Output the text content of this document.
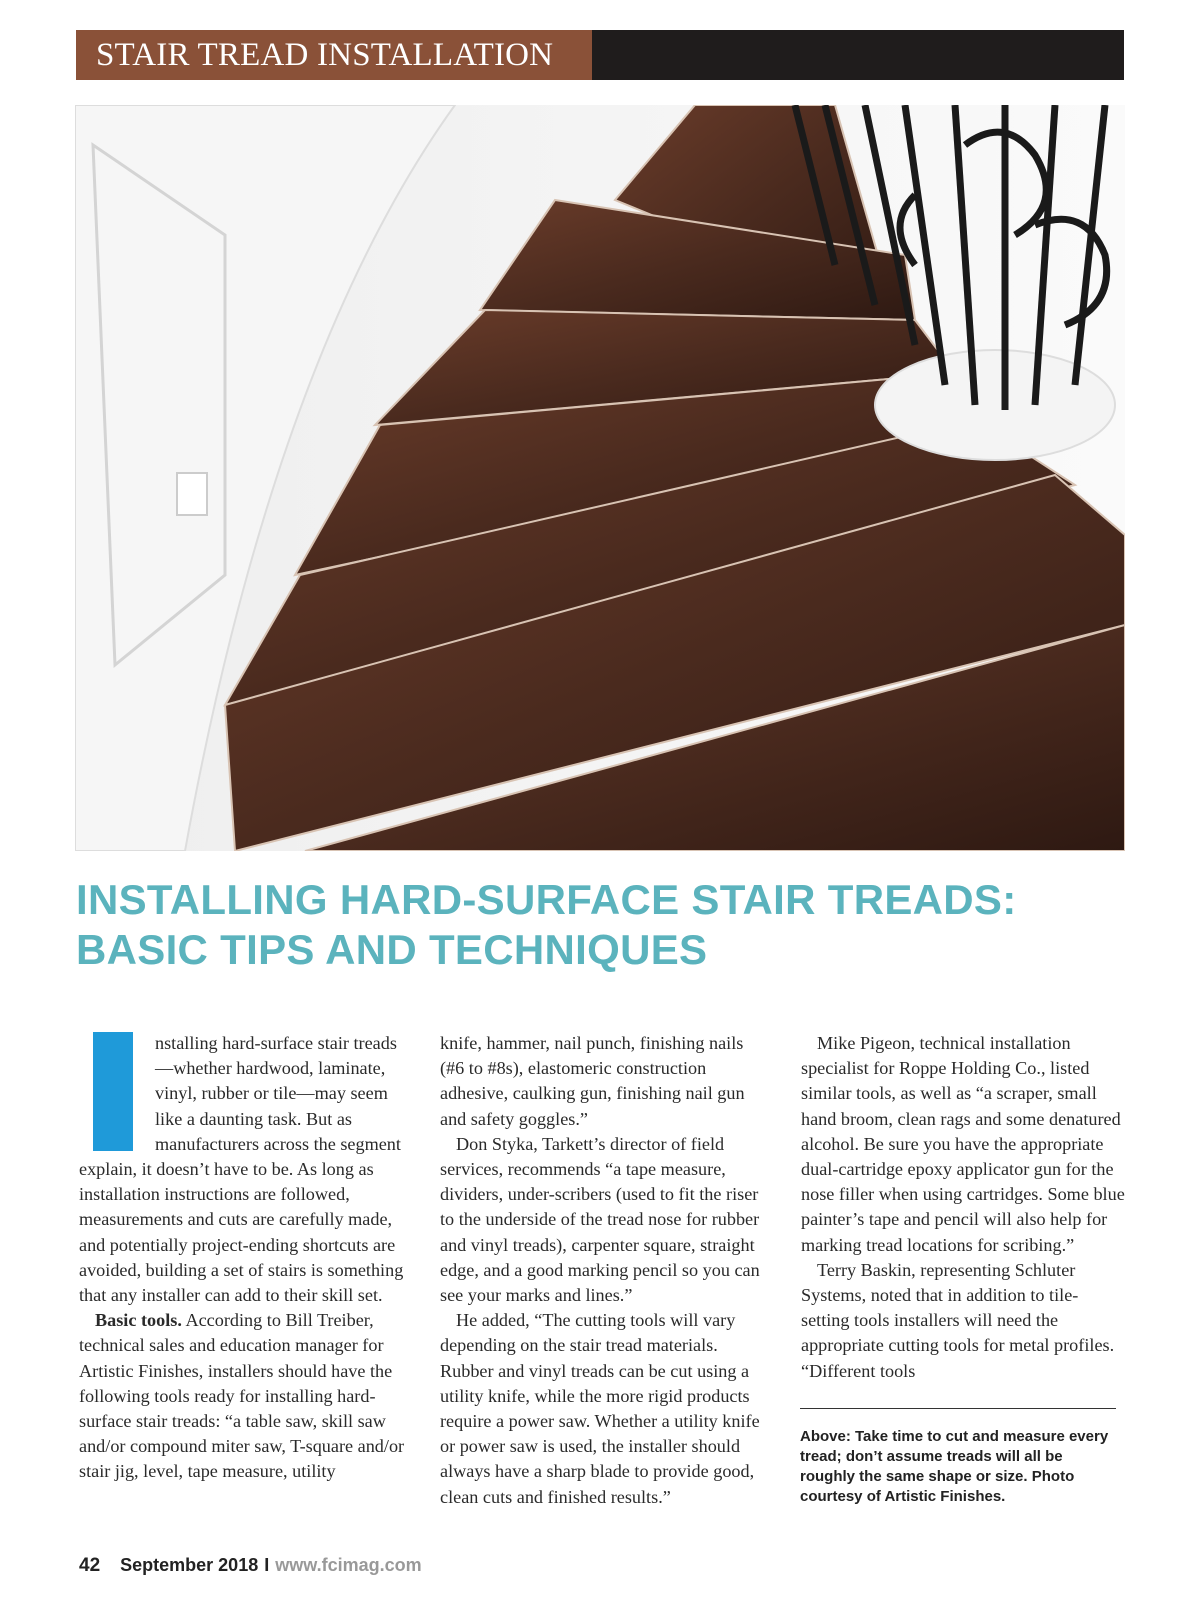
STAIR TREAD INSTALLATION
INSTALLING HARD-SURFACE STAIR TREADS:
BASIC TIPS AND TECHNIQUES

nstalling hard-surface stair treads—whether hardwood, laminate, vinyl, rubber or tile—may seem like a daunting task. But as manufacturers across the segment explain, it doesn’t have to be. As long as installation instructions are followed, measurements and cuts are carefully made, and potentially project-ending shortcuts are avoided, building a set of stairs is something that any installer can add to their skill set.

Basic tools. According to Bill Treiber, technical sales and education manager for Artistic Finishes, installers should have the following tools ready for installing hard-surface stair treads: “a table saw, skill saw and/or compound miter saw, T-square and/or stair jig, level, tape measure, utility

knife, hammer, nail punch, finishing nails (#6 to #8s), elastomeric construction adhesive, caulking gun, finishing nail gun and safety goggles.”

Don Styka, Tarkett’s director of field services, recommends “a tape measure, dividers, under-scribers (used to fit the riser to the underside of the tread nose for rubber and vinyl treads), carpenter square, straight edge, and a good marking pencil so you can see your marks and lines.”

He added, “The cutting tools will vary depending on the stair tread materials. Rubber and vinyl treads can be cut using a utility knife, while the more rigid products require a power saw. Whether a utility knife or power saw is used, the installer should always have a sharp blade to provide good, clean cuts and finished results.”

Mike Pigeon, technical installation specialist for Roppe Holding Co., listed similar tools, as well as “a scraper, small hand broom, clean rags and some denatured alcohol. Be sure you have the appropriate dual-cartridge epoxy applicator gun for the nose filler when using cartridges. Some blue painter’s tape and pencil will also help for marking tread locations for scribing.”

Terry Baskin, representing Schluter Systems, noted that in addition to tile-setting tools installers will need the appropriate cutting tools for metal profiles. “Different tools

Above: Take time to cut and measure every tread; don’t assume treads will all be roughly the same shape or size. Photo courtesy of Artistic Finishes.

42 September 2018 I www.fcimag.com
